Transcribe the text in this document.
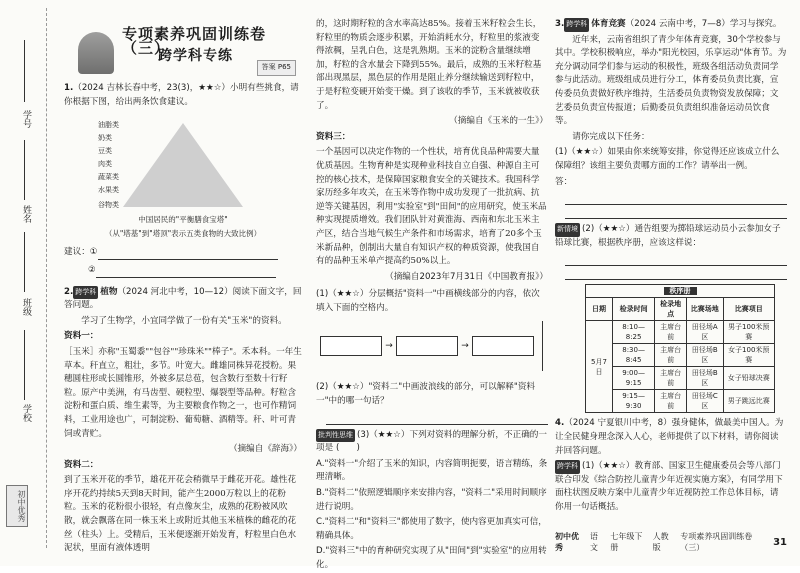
学号
姓名
班级
学校
初中优秀
专项素养巩固训练卷（三）
跨学科专练
答案 P65
1.（2024 吉林长春中考，23(3)，★★☆）小明有些挑食，请你根据下图，给出两条饮食建议。
油脂类
奶类
豆类
肉类
蔬菜类
水果类
谷物类
中国居民的"平衡膳食宝塔"
（从"塔基"到"塔顶"表示五类食物的大致比例）
建议：①
②
2. 跨学科 植物（2024 河北中考，10—12）阅读下面文字，回答问题。
学习了生物学，小宜同学做了一份有关"玉米"的资料。
资料一：
［玉米］亦称"玉蜀黍""包谷""珍珠米""棒子"。禾本科。一年生草本。秆直立，粗壮，多节。叶宽大。雌雄同株异花授粉。果穗圆柱形或长圆锥形，外被多层总苞，包含数行至数十行籽粒。原产中美洲，有马齿型、硬粒型、爆裂型等品种。籽粒含淀粉和蛋白质、维生素等，为主要粮食作物之一，也可作精饲料，工业用途也广，可制淀粉、葡萄糖、酒精等。秆、叶可青饲或青贮。
（摘编自《辞海》）
资料二：
到了玉米开花的季节，雄花开花会稍微早于雌花开花。雄性花序开花约持续5天到8天时间，能产生2000万粒以上的花粉粒。玉米的花粉很小很轻，有点像灰尘，成熟的花粉被风吹散，就会飘落在同一株玉米上或附近其他玉米植株的雌花的花丝（柱头）上。受精后，玉米便逐渐开始发育，籽粒里白色水泥状，里面有液体透明
的，这时期籽粒的含水率高达85%。接着玉米籽粒会生长，籽粒里的物质会逐步积累，开始消耗水分，籽粒里的浆液变得浓稠，呈乳白色，这是乳熟期。玉米的淀粉含量继续增加，籽粒的含水量会下降到55%。最后，成熟的玉米籽粒基部出现黑层，黑色层的作用是阻止养分继续输送到籽粒中，于是籽粒变硬开始变干燥。到了该收的季节，玉米就被收获了。
（摘编自《玉米的一生》）
资料三：
一个基因可以决定作物的一个性状，培育优良品种需要大量优质基因。生物育种是实现种业科技自立自强、种源自主可控的核心技术，是保障国家粮食安全的关键技术。我国科学家历经多年攻关，在玉米等作物中成功发现了一批抗病、抗逆等关键基因，利用"实验室"到"田间"的应用研究，使玉米品种实现提质增效。我们团队针对黄淮海、西南和东北玉米主产区，结合当地气候生产条件和市场需求，培育了20多个玉米新品种，创制出大量自有知识产权的种质资源，使我国自有的品种玉米单产提高约50%以上。
（摘编自2023年7月31日《中国教育报》）
(1)（★★☆）分层概括"资料一"中画横线部分的内容，依次填入下面的空格内。
→	→
(2)（★★☆）"资料二"中画波浪线的部分，可以解释"资料一"中的哪一句话？
批判性思维 (3)（★★☆）下列对资料的理解分析，不正确的一项是 (　　)
A."资料一"介绍了玉米的知识，内容简明扼要，语言精练，条理清晰。
B."资料二"依照逻辑顺序来安排内容，"资料二"采用时间顺序进行说明。
C."资料二"和"资料三"都使用了数字，使内容更加真实可信，精确具体。
D."资料三"中的育种研究实现了从"田间"到"实验室"的应用转化。
3. 跨学科 体育竞赛（2024 云南中考，7—8）学习与探究。
近年来，云南省组织了青少年体育竞赛，30个学校参与其中。学校积极响应，举办"阳光校园，乐享运动"体育节。为充分调动同学们参与运动的积极性，班级各组活动负责同学参与此活动。班级组成员进行分工，体育委员负责比赛，宣传委员负责做好秩序维持，生活委员负责物资发放保障；文艺委员负责宣传报道；后勤委员负责组织准备运动员饮食等。
请你完成以下任务：
(1)（★★☆）如果由你来统筹安排，你觉得还应该成立什么保障组？该组主要负责哪方面的工作？请举出一例。
答：
新情境 (2)（★★☆）通告组要为掷铅球运动员小云参加女子铅球比赛，根据秩序册，应该这样说：
秩序册				
日期	检录时间	检录地点	比赛场地	比赛项目
5月7日	8:10—8:25	主席台前	田径场A区	男子100米预赛
	8:30—8:45	主席台前	田径场B区	女子100米预赛
	9:00—9:15	主席台前	田径场B区	女子铅球决赛
	9:15—9:30	主席台前	田径场C区	男子跳远比赛
4.（2024 宁夏银川中考，8）强身健体，做最美中国人。为让全民健身理念深入人心，老师提供了以下材料，请你阅读并回答问题。
跨学科 (1)（★★☆）教育部、国家卫生健康委员会等八部门联合印发《综合防控儿童青少年近视实施方案》，有同学用下面柱状图反映方案中儿童青少年近视防控工作总体目标，请你用一句话概括。
初中优秀
语文
七年级下册
人教版
专项素养巩固训练卷（三）	31
